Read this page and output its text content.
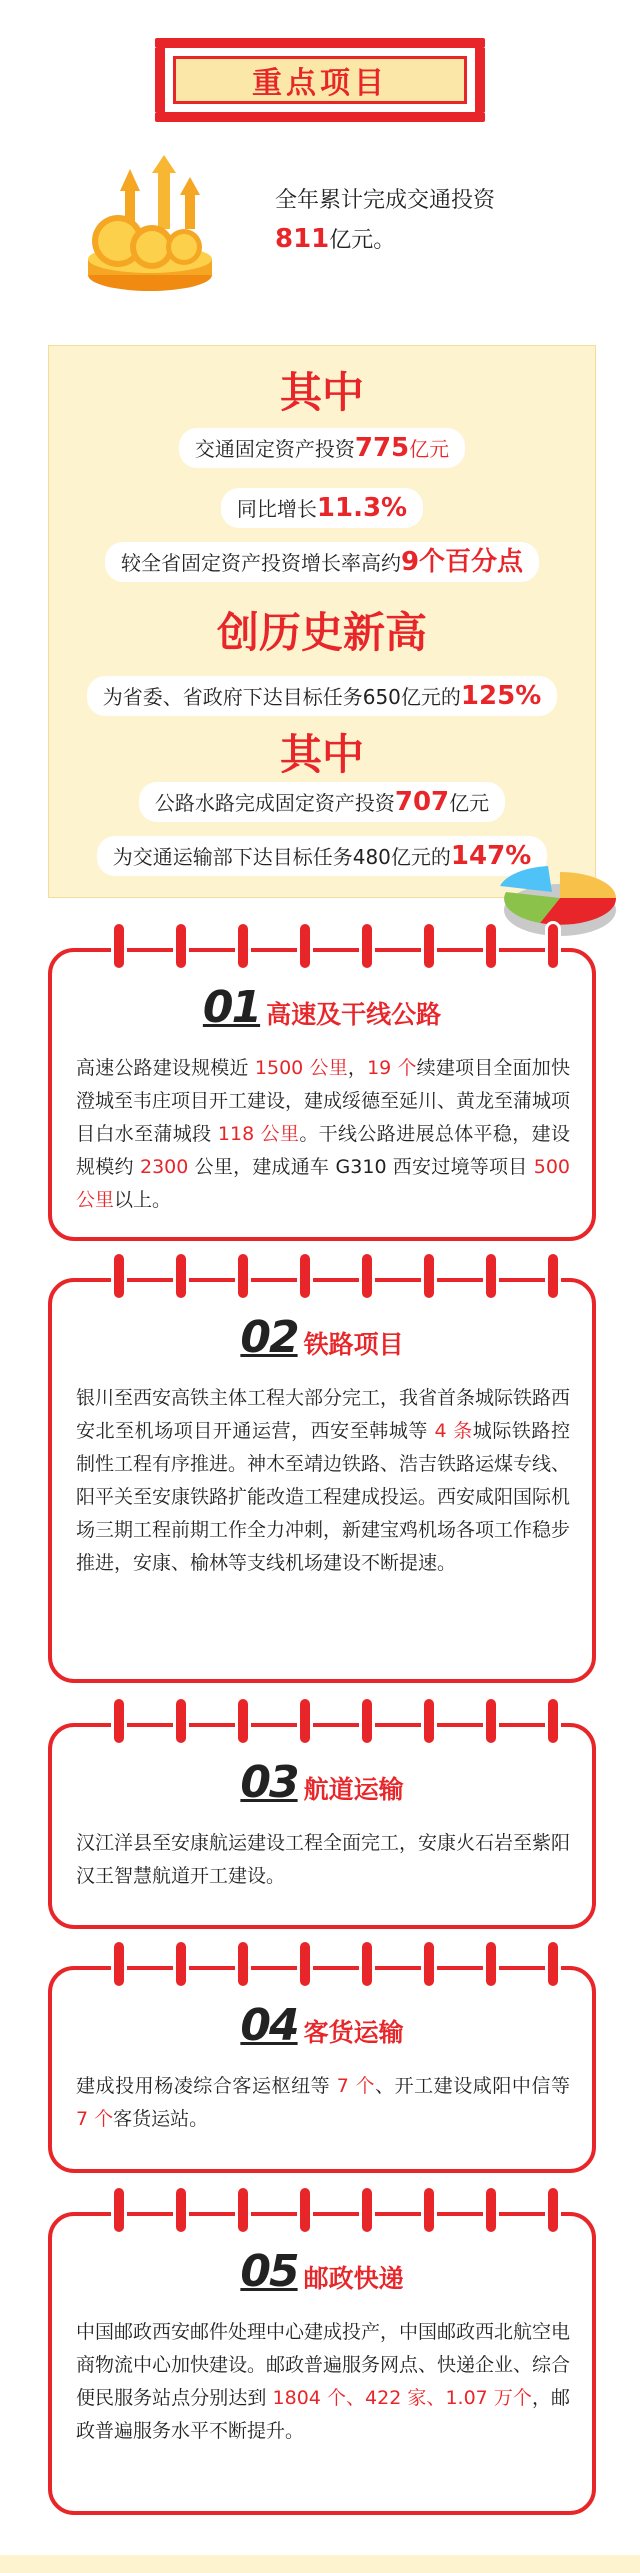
重点项目
全年累计完成交通投资
811亿元。
其中
交通固定资产投资775亿元
同比增长11.3%
较全省固定资产投资增长率高约9个百分点
创历史新高
为省委、省政府下达目标任务650亿元的125%
其中
公路水路完成固定资产投资707亿元
为交通运输部下达目标任务480亿元的147%
01 高速及干线公路
高速公路建设规模近 1500 公里，19 个续建项目全面加快澄城至韦庄项目开工建设，建成绥德至延川、黄龙至蒲城项目白水至蒲城段 118 公里。干线公路进展总体平稳，建设规模约 2300 公里，建成通车 G310 西安过境等项目 500 公里以上。
02 铁路项目
银川至西安高铁主体工程大部分完工，我省首条城际铁路西安北至机场项目开通运营，西安至韩城等 4 条城际铁路控制性工程有序推进。神木至靖边铁路、浩吉铁路运煤专线、阳平关至安康铁路扩能改造工程建成投运。西安咸阳国际机场三期工程前期工作全力冲刺，新建宝鸡机场各项工作稳步推进，安康、榆林等支线机场建设不断提速。
03 航道运输
汉江洋县至安康航运建设工程全面完工，安康火石岩至紫阳汉王智慧航道开工建设。
04 客货运输
建成投用杨凌综合客运枢纽等 7 个、开工建设咸阳中信等 7 个客货运站。
05 邮政快递
中国邮政西安邮件处理中心建成投产，中国邮政西北航空电商物流中心加快建设。邮政普遍服务网点、快递企业、综合便民服务站点分别达到 1804 个、422 家、1.07 万个，邮政普遍服务水平不断提升。
